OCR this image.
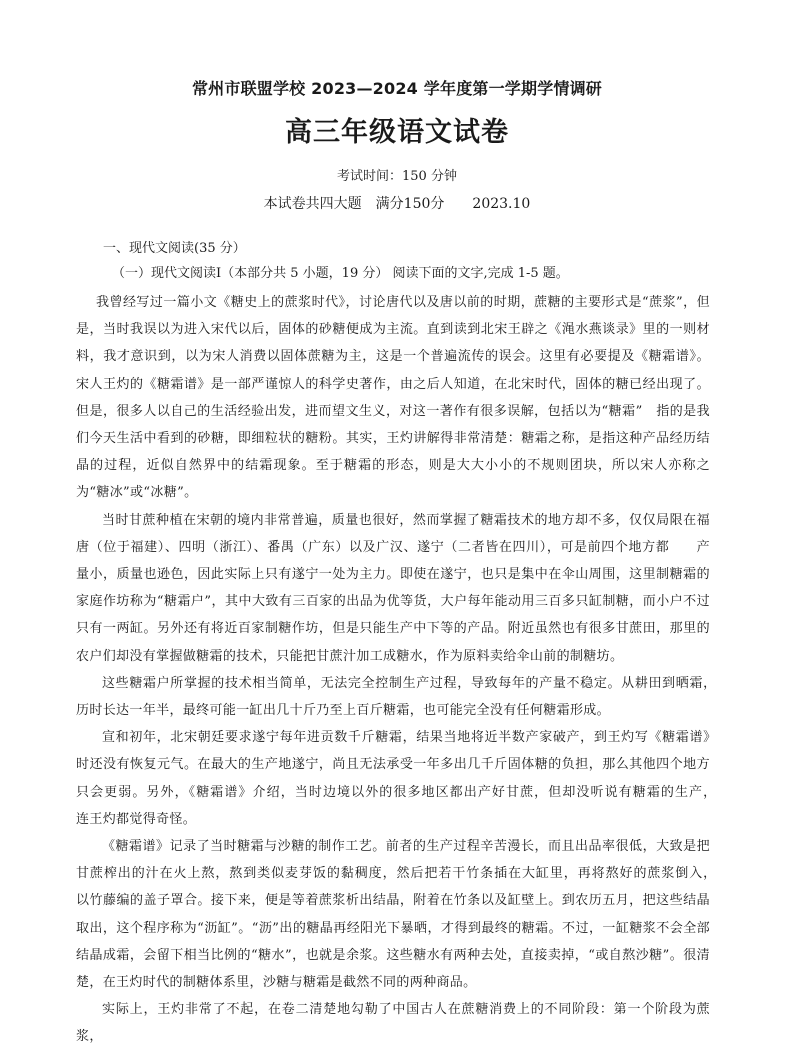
常州市联盟学校 2023—2024 学年度第一学期学情调研
高三年级语文试卷
考试时间：150 分钟
本试卷共四大题　满分150分 2023.10
一、现代文阅读(35 分）
（一）现代文阅读Ⅰ（本部分共 5 小题，19 分） 阅读下面的文字,完成 1-5 题。

我曾经写过一篇小文《糖史上的蔗浆时代》，讨论唐代以及唐以前的时期，蔗糖的主要形式是“蔗浆”，但是，当时我误以为进入宋代以后，固体的砂糖便成为主流。直到读到北宋王辟之《渑水燕谈录》里的一则材料，我才意识到，以为宋人消费以固体蔗糖为主，这是一个普遍流传的误会。这里有必要提及《糖霜谱》。宋人王灼的《糖霜谱》是一部严谨惊人的科学史著作，由之后人知道，在北宋时代，固体的糖已经出现了。但是，很多人以自己的生活经验出发，进而望文生义，对这一著作有很多误解，包括以为“糖霜”　指的是我们今天生活中看到的砂糖，即细粒状的糖粉。其实，王灼讲解得非常清楚：糖霜之称，是指这种产品经历结晶的过程，近似自然界中的结霜现象。至于糖霜的形态，则是大大小小的不规则团块，所以宋人亦称之为“糖冰”或“冰糖”。

当时甘蔗种植在宋朝的境内非常普遍，质量也很好，然而掌握了糖霜技术的地方却不多，仅仅局限在福唐（位于福建）、四明（浙江）、番禺（广东）以及广汉、遂宁（二者皆在四川），可是前四个地方都　　产量小，质量也逊色，因此实际上只有遂宁一处为主力。即使在遂宁，也只是集中在伞山周围，这里制糖霜的家庭作坊称为“糖霜户”，其中大致有三百家的出品为优等货，大户每年能动用三百多只缸制糖，而小户不过只有一两缸。另外还有将近百家制糖作坊，但是只能生产中下等的产品。附近虽然也有很多甘蔗田，那里的农户们却没有掌握做糖霜的技术，只能把甘蔗汁加工成糖水，作为原料卖给伞山前的制糖坊。

这些糖霜户所掌握的技术相当简单，无法完全控制生产过程，导致每年的产量不稳定。从耕田到晒霜，　　历时长达一年半，最终可能一缸出几十斤乃至上百斤糖霜，也可能完全没有任何糖霜形成。

宣和初年，北宋朝廷要求遂宁每年进贡数千斤糖霜，结果当地将近半数产家破产，到王灼写《糖霜谱》　　时还没有恢复元气。在最大的生产地遂宁，尚且无法承受一年多出几千斤固体糖的负担，那么其他四个地方只会更弱。另外，《糖霜谱》介绍，当时边境以外的很多地区都出产好甘蔗，但却没听说有糖霜的生产，　　连王灼都觉得奇怪。

《糖霜谱》记录了当时糖霜与沙糖的制作工艺。前者的生产过程辛苦漫长，而且出品率很低，大致是把甘蔗榨出的汁在火上熬，熬到类似麦芽饭的黏稠度，然后把若干竹条插在大缸里，再将熬好的蔗浆倒入，　　以竹藤编的盖子罩合。接下来，便是等着蔗浆析出结晶，附着在竹条以及缸壁上。到农历五月，把这些结晶取出，这个程序称为“沥缸”。“沥”出的糖晶再经阳光下暴晒，才得到最终的糖霜。不过，一缸糖浆不会全部结晶成霜，会留下相当比例的“糖水”，也就是余浆。这些糖水有两种去处，直接卖掉，“或自熬沙糖”。很清楚，在王灼时代的制糖体系里，沙糖与糖霜是截然不同的两种商品。

实际上，王灼非常了不起，在卷二清楚地勾勒了中国古人在蔗糖消费上的不同阶段：第一个阶段为蔗浆，
